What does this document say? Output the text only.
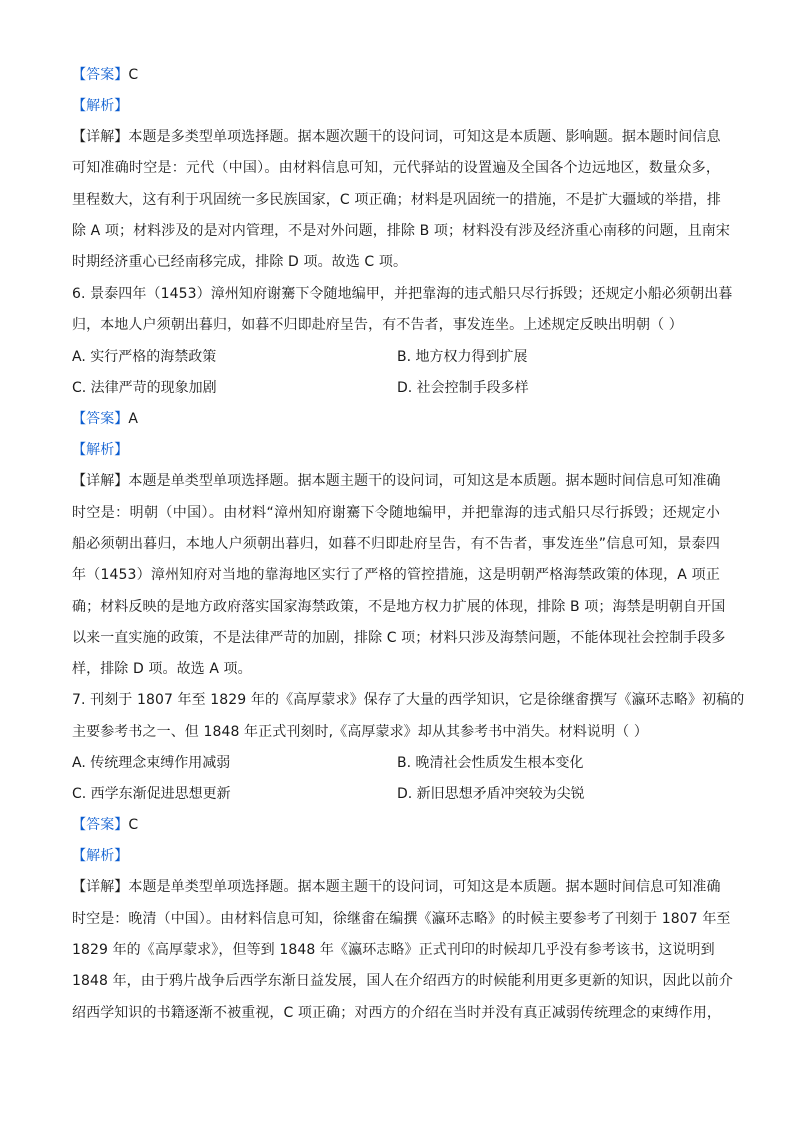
【答案】C
【解析】
【详解】本题是多类型单项选择题。据本题次题干的设问词，可知这是本质题、影响题。据本题时间信息
可知准确时空是：元代（中国）。由材料信息可知，元代驿站的设置遍及全国各个边远地区，数量众多，
里程数大，这有利于巩固统一多民族国家，C 项正确；材料是巩固统一的措施，不是扩大疆域的举措，排
除 A 项；材料涉及的是对内管理，不是对外问题，排除 B 项；材料没有涉及经济重心南移的问题，且南宋
时期经济重心已经南移完成，排除 D 项。故选 C 项。
6. 景泰四年（1453）漳州知府谢騫下令随地编甲，并把靠海的违式船只尽行拆毁；还规定小船必须朝出暮
归，本地人户须朝出暮归，如暮不归即赴府呈告，有不告者，事发连坐。上述规定反映出明朝（ ）
A. 实行严格的海禁政策	B. 地方权力得到扩展
C. 法律严苛的现象加剧	D. 社会控制手段多样
【答案】A
【解析】
【详解】本题是单类型单项选择题。据本题主题干的设问词，可知这是本质题。据本题时间信息可知准确
时空是：明朝（中国）。由材料“漳州知府谢騫下令随地编甲，并把靠海的违式船只尽行拆毁；还规定小
船必须朝出暮归，本地人户须朝出暮归，如暮不归即赴府呈告，有不告者，事发连坐”信息可知，景泰四
年（1453）漳州知府对当地的靠海地区实行了严格的管控措施，这是明朝严格海禁政策的体现，A 项正
确；材料反映的是地方政府落实国家海禁政策，不是地方权力扩展的体现，排除 B 项；海禁是明朝自开国
以来一直实施的政策，不是法律严苛的加剧，排除 C 项；材料只涉及海禁问题，不能体现社会控制手段多
样，排除 D 项。故选 A 项。
7. 刊刻于 1807 年至 1829 年的《高厚蒙求》保存了大量的西学知识，它是徐继畬撰写《瀛环志略》初稿的
主要参考书之一、但 1848 年正式刊刻时,《高厚蒙求》却从其参考书中消失。材料说明（ ）
A. 传统理念束缚作用减弱	B. 晚清社会性质发生根本变化
C. 西学东渐促进思想更新	D. 新旧思想矛盾冲突较为尖锐
【答案】C
【解析】
【详解】本题是单类型单项选择题。据本题主题干的设问词，可知这是本质题。据本题时间信息可知准确
时空是：晚清（中国）。由材料信息可知，徐继畬在编撰《瀛环志略》的时候主要参考了刊刻于 1807 年至
1829 年的《高厚蒙求》，但等到 1848 年《瀛环志略》正式刊印的时候却几乎没有参考该书，这说明到
1848 年，由于鸦片战争后西学东渐日益发展，国人在介绍西方的时候能利用更多更新的知识，因此以前介
绍西学知识的书籍逐渐不被重视，C 项正确；对西方的介绍在当时并没有真正减弱传统理念的束缚作用，
